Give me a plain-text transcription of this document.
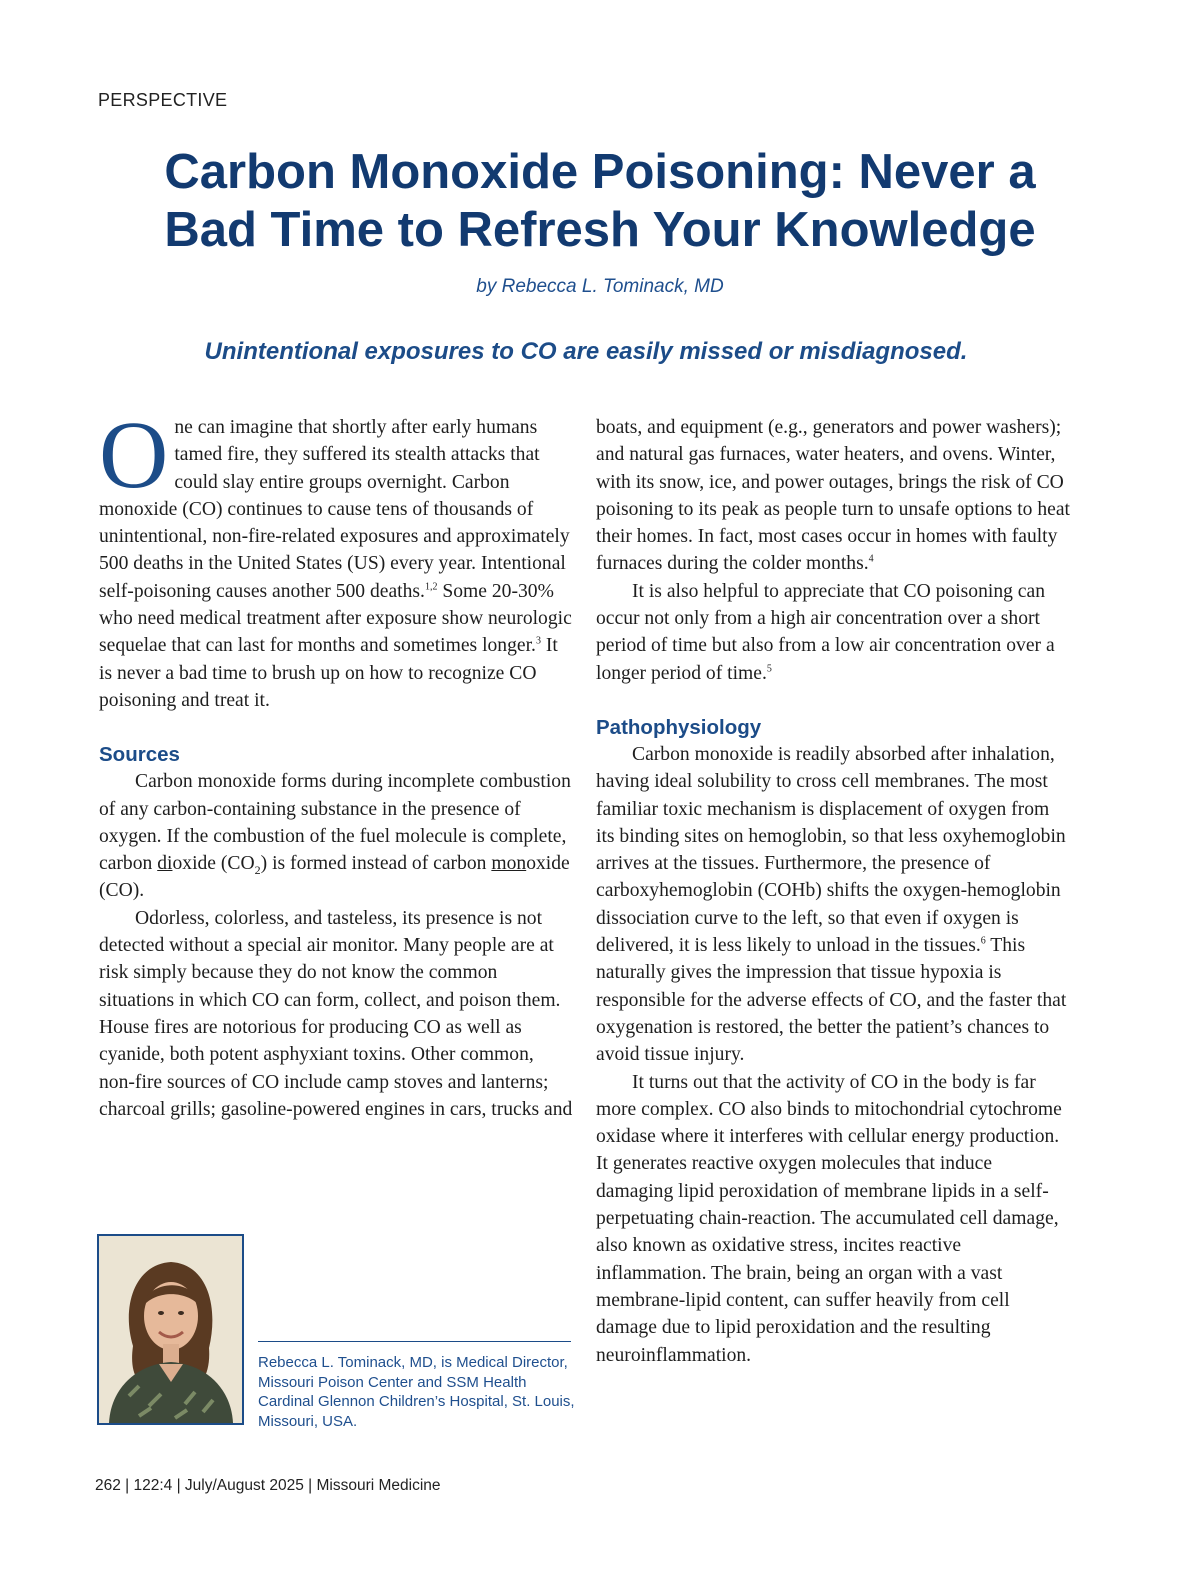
PERSPECTIVE
Carbon Monoxide Poisoning: Never a
Bad Time to Refresh Your Knowledge
by Rebecca L. Tominack, MD
Unintentional exposures to CO are easily missed or misdiagnosed.

One can imagine that shortly after early humans tamed fire, they suffered its stealth attacks that could slay entire groups overnight. Carbon monoxide (CO) continues to cause tens of thousands of unintentional, non-fire-related exposures and approximately 500 deaths in the United States (US) every year. Intentional self-poisoning causes another 500 deaths.$^{1,2}$ Some 20-30% who need medical treatment after exposure show neurologic sequelae that can last for months and sometimes longer.$^3$ It is never a bad time to brush up on how to recognize CO poisoning and treat it.

Sources

Carbon monoxide forms during incomplete combustion of any carbon-containing substance in the presence of oxygen. If the combustion of the fuel molecule is complete, carbon dioxide $(CO_2)$ is formed instead of carbon monoxide (CO).

Odorless, colorless, and tasteless, its presence is not detected without a special air monitor. Many people are at risk simply because they do not know the common situations in which CO can form, collect, and poison them. House fires are notorious for producing CO as well as cyanide, both potent asphyxiant toxins. Other common, non-fire sources of CO include camp stoves and lanterns; charcoal grills; gasoline-powered engines in cars, trucks and

boats, and equipment (e.g., generators and power washers); and natural gas furnaces, water heaters, and ovens. Winter, with its snow, ice, and power outages, brings the risk of CO poisoning to its peak as people turn to unsafe options to heat their homes. In fact, most cases occur in homes with faulty furnaces during the colder months.$^4$

It is also helpful to appreciate that CO poisoning can occur not only from a high air concentration over a short period of time but also from a low air concentration over a longer period of time.$^5$

Pathophysiology

Carbon monoxide is readily absorbed after inhalation, having ideal solubility to cross cell membranes. The most familiar toxic mechanism is displacement of oxygen from its binding sites on hemoglobin, so that less oxyhemoglobin arrives at the tissues. Furthermore, the presence of carboxyhemoglobin (COHb) shifts the oxygen-hemoglobin dissociation curve to the left, so that even if oxygen is delivered, it is less likely to unload in the tissues.$^6$ This naturally gives the impression that tissue hypoxia is responsible for the adverse effects of CO, and the faster that oxygenation is restored, the better the patient’s chances to avoid tissue injury.

It turns out that the activity of CO in the body is far more complex. CO also binds to mitochondrial cytochrome oxidase where it interferes with cellular energy production. It generates reactive oxygen molecules that induce damaging lipid peroxidation of membrane lipids in a self-perpetuating chain-reaction. The accumulated cell damage, also known as oxidative stress, incites reactive inflammation. The brain, being an organ with a vast membrane-lipid content, can suffer heavily from cell damage due to lipid peroxidation and the resulting neuroinflammation.

Rebecca L. Tominack, MD, is Medical Director, Missouri Poison Center and SSM Health Cardinal Glennon Children’s Hospital, St. Louis, Missouri, USA.
262 | 122:4 | July/August 2025 | Missouri Medicine
